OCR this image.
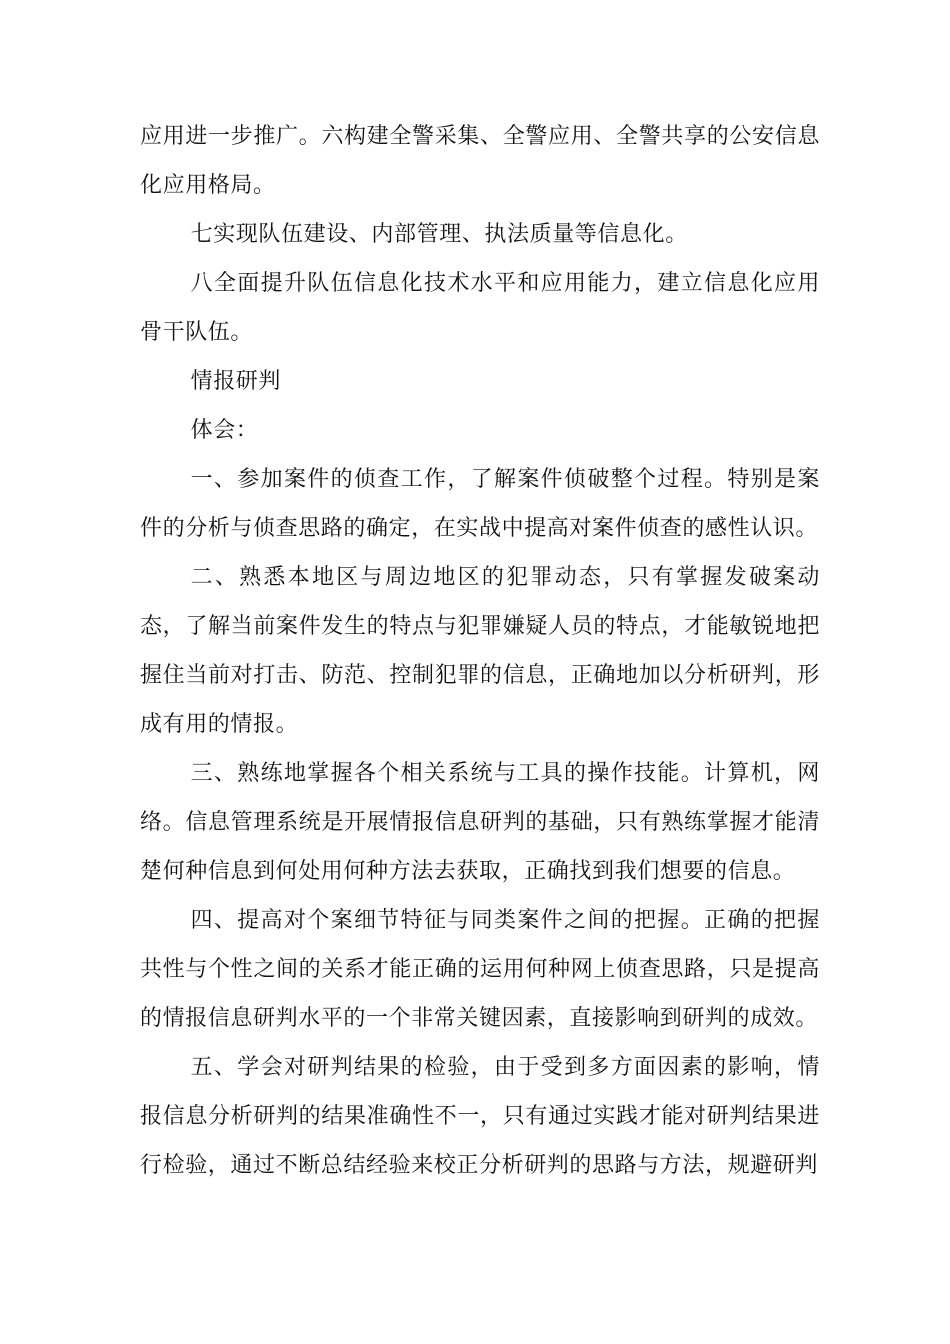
应用进一步推广。六构建全警采集、全警应用、全警共享的公安信息化应用格局。

七实现队伍建设、内部管理、执法质量等信息化。

八全面提升队伍信息化技术水平和应用能力，建立信息化应用骨干队伍。

情报研判

体会：

一、参加案件的侦查工作，了解案件侦破整个过程。特别是案件的分析与侦查思路的确定，在实战中提高对案件侦查的感性认识。

二、熟悉本地区与周边地区的犯罪动态，只有掌握发破案动态，了解当前案件发生的特点与犯罪嫌疑人员的特点，才能敏锐地把握住当前对打击、防范、控制犯罪的信息，正确地加以分析研判，形成有用的情报。

三、熟练地掌握各个相关系统与工具的操作技能。计算机，网络。信息管理系统是开展情报信息研判的基础，只有熟练掌握才能清楚何种信息到何处用何种方法去获取，正确找到我们想要的信息。

四、提高对个案细节特征与同类案件之间的把握。正确的把握共性与个性之间的关系才能正确的运用何种网上侦查思路，只是提高的情报信息研判水平的一个非常关键因素，直接影响到研判的成效。

五、学会对研判结果的检验，由于受到多方面因素的影响，情报信息分析研判的结果准确性不一，只有通过实践才能对研判结果进行检验，通过不断总结经验来校正分析研判的思路与方法，规避研判
